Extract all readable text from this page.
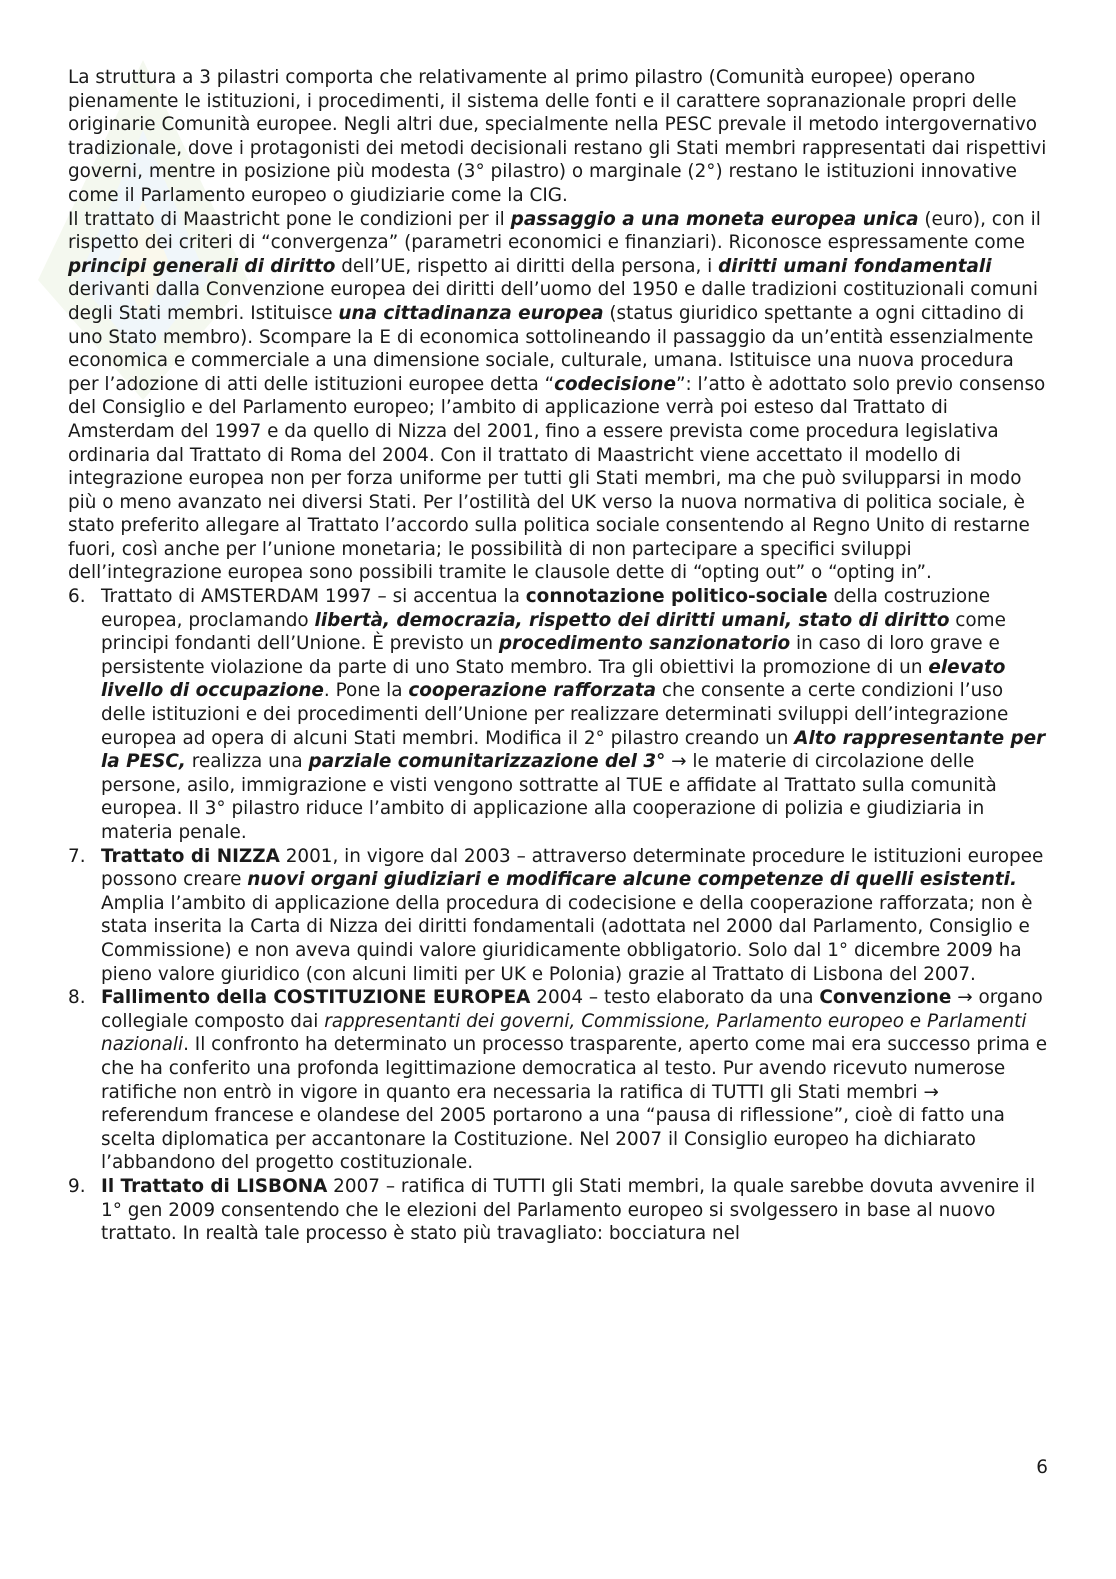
La struttura a 3 pilastri comporta che relativamente al primo pilastro (Comunità europee) operano pienamente le istituzioni, i procedimenti, il sistema delle fonti e il carattere sopranazionale propri delle originarie Comunità europee. Negli altri due, specialmente nella PESC prevale il metodo intergovernativo tradizionale, dove i protagonisti dei metodi decisionali restano gli Stati membri rappresentati dai rispettivi governi, mentre in posizione più modesta (3° pilastro) o marginale (2°) restano le istituzioni innovative come il Parlamento europeo o giudiziarie come la CIG.

Il trattato di Maastricht pone le condizioni per il passaggio a una moneta europea unica (euro), con il rispetto dei criteri di “convergenza” (parametri economici e finanziari). Riconosce espressamente come principi generali di diritto dell’UE, rispetto ai diritti della persona, i diritti umani fondamentali derivanti dalla Convenzione europea dei diritti dell’uomo del 1950 e dalle tradizioni costituzionali comuni degli Stati membri. Istituisce una cittadinanza europea (status giuridico spettante a ogni cittadino di uno Stato membro). Scompare la E di economica sottolineando il passaggio da un’entità essenzialmente economica e commerciale a una dimensione sociale, culturale, umana. Istituisce una nuova procedura per l’adozione di atti delle istituzioni europee detta “codecisione”: l’atto è adottato solo previo consenso del Consiglio e del Parlamento europeo; l’ambito di applicazione verrà poi esteso dal Trattato di Amsterdam del 1997 e da quello di Nizza del 2001, fino a essere prevista come procedura legislativa ordinaria dal Trattato di Roma del 2004. Con il trattato di Maastricht viene accettato il modello di integrazione europea non per forza uniforme per tutti gli Stati membri, ma che può svilupparsi in modo più o meno avanzato nei diversi Stati. Per l’ostilità del UK verso la nuova normativa di politica sociale, è stato preferito allegare al Trattato l’accordo sulla politica sociale consentendo al Regno Unito di restarne fuori, così anche per l’unione monetaria; le possibilità di non partecipare a specifici sviluppi dell’integrazione europea sono possibili tramite le clausole dette di “opting out” o “opting in”.

6. Trattato di AMSTERDAM 1997 – si accentua la connotazione politico-sociale della costruzione europea, proclamando libertà, democrazia, rispetto dei diritti umani, stato di diritto come principi fondanti dell’Unione. È previsto un procedimento sanzionatorio in caso di loro grave e persistente violazione da parte di uno Stato membro. Tra gli obiettivi la promozione di un elevato livello di occupazione. Pone la cooperazione rafforzata che consente a certe condizioni l’uso delle istituzioni e dei procedimenti dell’Unione per realizzare determinati sviluppi dell’integrazione europea ad opera di alcuni Stati membri. Modifica il 2° pilastro creando un Alto rappresentante per la PESC, realizza una parziale comunitarizzazione del 3° → le materie di circolazione delle persone, asilo, immigrazione e visti vengono sottratte al TUE e affidate al Trattato sulla comunità europea. Il 3° pilastro riduce l’ambito di applicazione alla cooperazione di polizia e giudiziaria in materia penale.
7. Trattato di NIZZA 2001, in vigore dal 2003 – attraverso determinate procedure le istituzioni europee possono creare nuovi organi giudiziari e modificare alcune competenze di quelli esistenti. Amplia l’ambito di applicazione della procedura di codecisione e della cooperazione rafforzata; non è stata inserita la Carta di Nizza dei diritti fondamentali (adottata nel 2000 dal Parlamento, Consiglio e Commissione) e non aveva quindi valore giuridicamente obbligatorio. Solo dal 1° dicembre 2009 ha pieno valore giuridico (con alcuni limiti per UK e Polonia) grazie al Trattato di Lisbona del 2007.
8. Fallimento della COSTITUZIONE EUROPEA 2004 – testo elaborato da una Convenzione → organo collegiale composto dai rappresentanti dei governi, Commissione, Parlamento europeo e Parlamenti nazionali. Il confronto ha determinato un processo trasparente, aperto come mai era successo prima e che ha conferito una profonda legittimazione democratica al testo. Pur avendo ricevuto numerose ratifiche non entrò in vigore in quanto era necessaria la ratifica di TUTTI gli Stati membri → referendum francese e olandese del 2005 portarono a una “pausa di riflessione”, cioè di fatto una scelta diplomatica per accantonare la Costituzione. Nel 2007 il Consiglio europeo ha dichiarato l’abbandono del progetto costituzionale.
9. Il Trattato di LISBONA 2007 – ratifica di TUTTI gli Stati membri, la quale sarebbe dovuta avvenire il 1° gen 2009 consentendo che le elezioni del Parlamento europeo si svolgessero in base al nuovo trattato. In realtà tale processo è stato più travagliato: bocciatura nel
6
